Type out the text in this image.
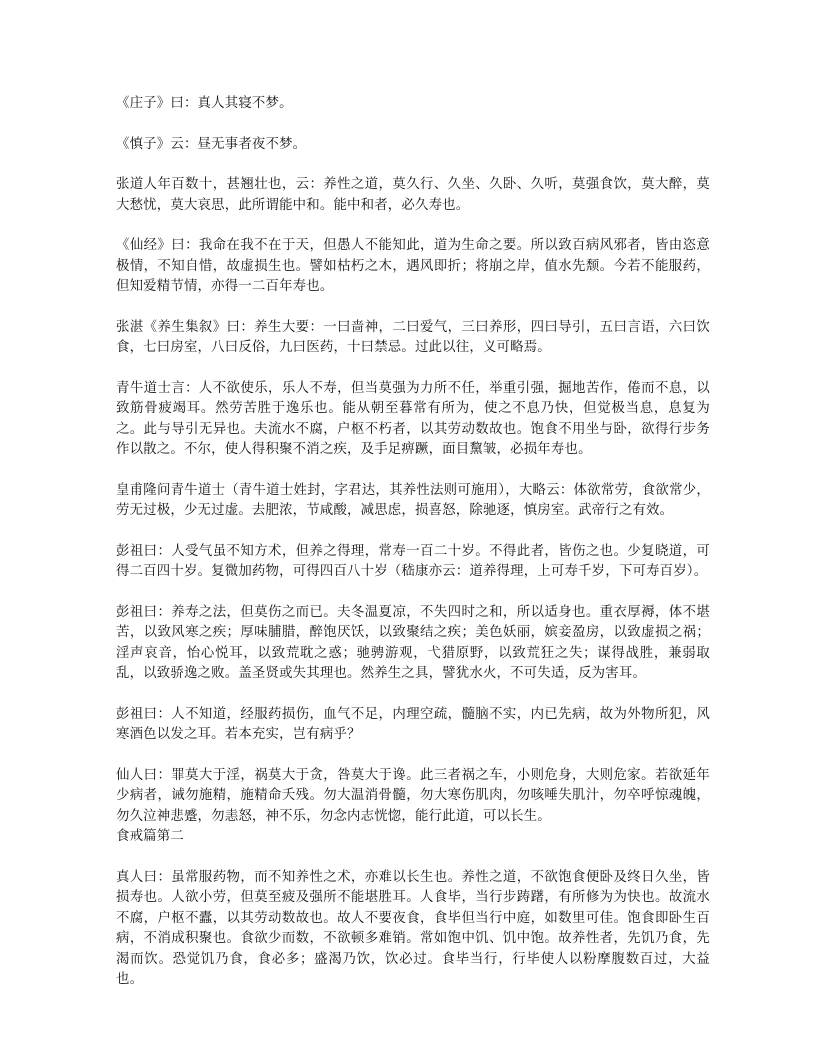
《庄子》曰：真人其寝不梦。

《慎子》云：昼无事者夜不梦。

张道人年百数十，甚翘壮也，云：养性之道，莫久行、久坐、久卧、久听，莫强食饮，莫大醉，莫大愁忧，莫大哀思，此所谓能中和。能中和者，必久寿也。

《仙经》曰：我命在我不在于天，但愚人不能知此，道为生命之要。所以致百病风邪者，皆由恣意极情，不知自惜，故虚损生也。譬如枯朽之木，遇风即折；将崩之岸，值水先颓。今若不能服药，但知爱精节情，亦得一二百年寿也。

张湛《养生集叙》曰：养生大要：一曰啬神，二曰爱气，三曰养形，四曰导引，五曰言语，六曰饮食，七曰房室，八曰反俗，九曰医药，十曰禁忌。过此以往，义可略焉。

青牛道士言：人不欲使乐，乐人不寿，但当莫强为力所不任，举重引强，掘地苦作，倦而不息，以致筋骨疲竭耳。然劳苦胜于逸乐也。能从朝至暮常有所为，使之不息乃快，但觉极当息，息复为之。此与导引无异也。夫流水不腐，户枢不朽者，以其劳动数故也。饱食不用坐与卧，欲得行步务作以散之。不尔，使人得积聚不消之疾，及手足痹蹶，面目黧皱，必损年寿也。

皇甫隆问青牛道士（青牛道士姓封，字君达，其养性法则可施用），大略云：体欲常劳，食欲常少，劳无过极，少无过虚。去肥浓，节咸酸，减思虑，损喜怒，除驰逐，慎房室。武帝行之有效。

彭祖曰：人受气虽不知方术，但养之得理，常寿一百二十岁。不得此者，皆伤之也。少复晓道，可得二百四十岁。复微加药物，可得四百八十岁（嵇康亦云：道养得理，上可寿千岁，下可寿百岁）。

彭祖曰：养寿之法，但莫伤之而已。夫冬温夏凉，不失四时之和，所以适身也。重衣厚褥，体不堪苦，以致风寒之疾；厚味脯腊，醉饱厌饫，以致聚结之疾；美色妖丽，嫔妾盈房，以致虚损之祸；淫声哀音，怡心悦耳，以致荒耽之惑；驰骋游观，弋猎原野，以致荒狂之失；谋得战胜，兼弱取乱，以致骄逸之败。盖圣贤或失其理也。然养生之具，譬犹水火，不可失适，反为害耳。

彭祖曰：人不知道，经服药损伤，血气不足，内理空疏，髓脑不实，内已先病，故为外物所犯，风寒酒色以发之耳。若本充实，岂有病乎？

仙人曰：罪莫大于淫，祸莫大于贪，咎莫大于谗。此三者祸之车，小则危身，大则危家。若欲延年少病者，诫勿施精，施精命夭残。勿大温消骨髓，勿大寒伤肌肉，勿咳唾失肌汁，勿卒呼惊魂魄，勿久泣神悲蹙，勿恚怒，神不乐，勿念内志恍惚，能行此道，可以长生。

食戒篇第二

真人曰：虽常服药物，而不知养性之术，亦难以长生也。养性之道，不欲饱食便卧及终日久坐，皆损寿也。人欲小劳，但莫至疲及强所不能堪胜耳。人食毕，当行步踌躇，有所修为为快也。故流水不腐，户枢不蠹，以其劳动数故也。故人不要夜食，食毕但当行中庭，如数里可佳。饱食即卧生百病，不消成积聚也。食欲少而数，不欲顿多难销。常如饱中饥、饥中饱。故养性者，先饥乃食，先渴而饮。恐觉饥乃食，食必多；盛渴乃饮，饮必过。食毕当行，行毕使人以粉摩腹数百过，大益也。
